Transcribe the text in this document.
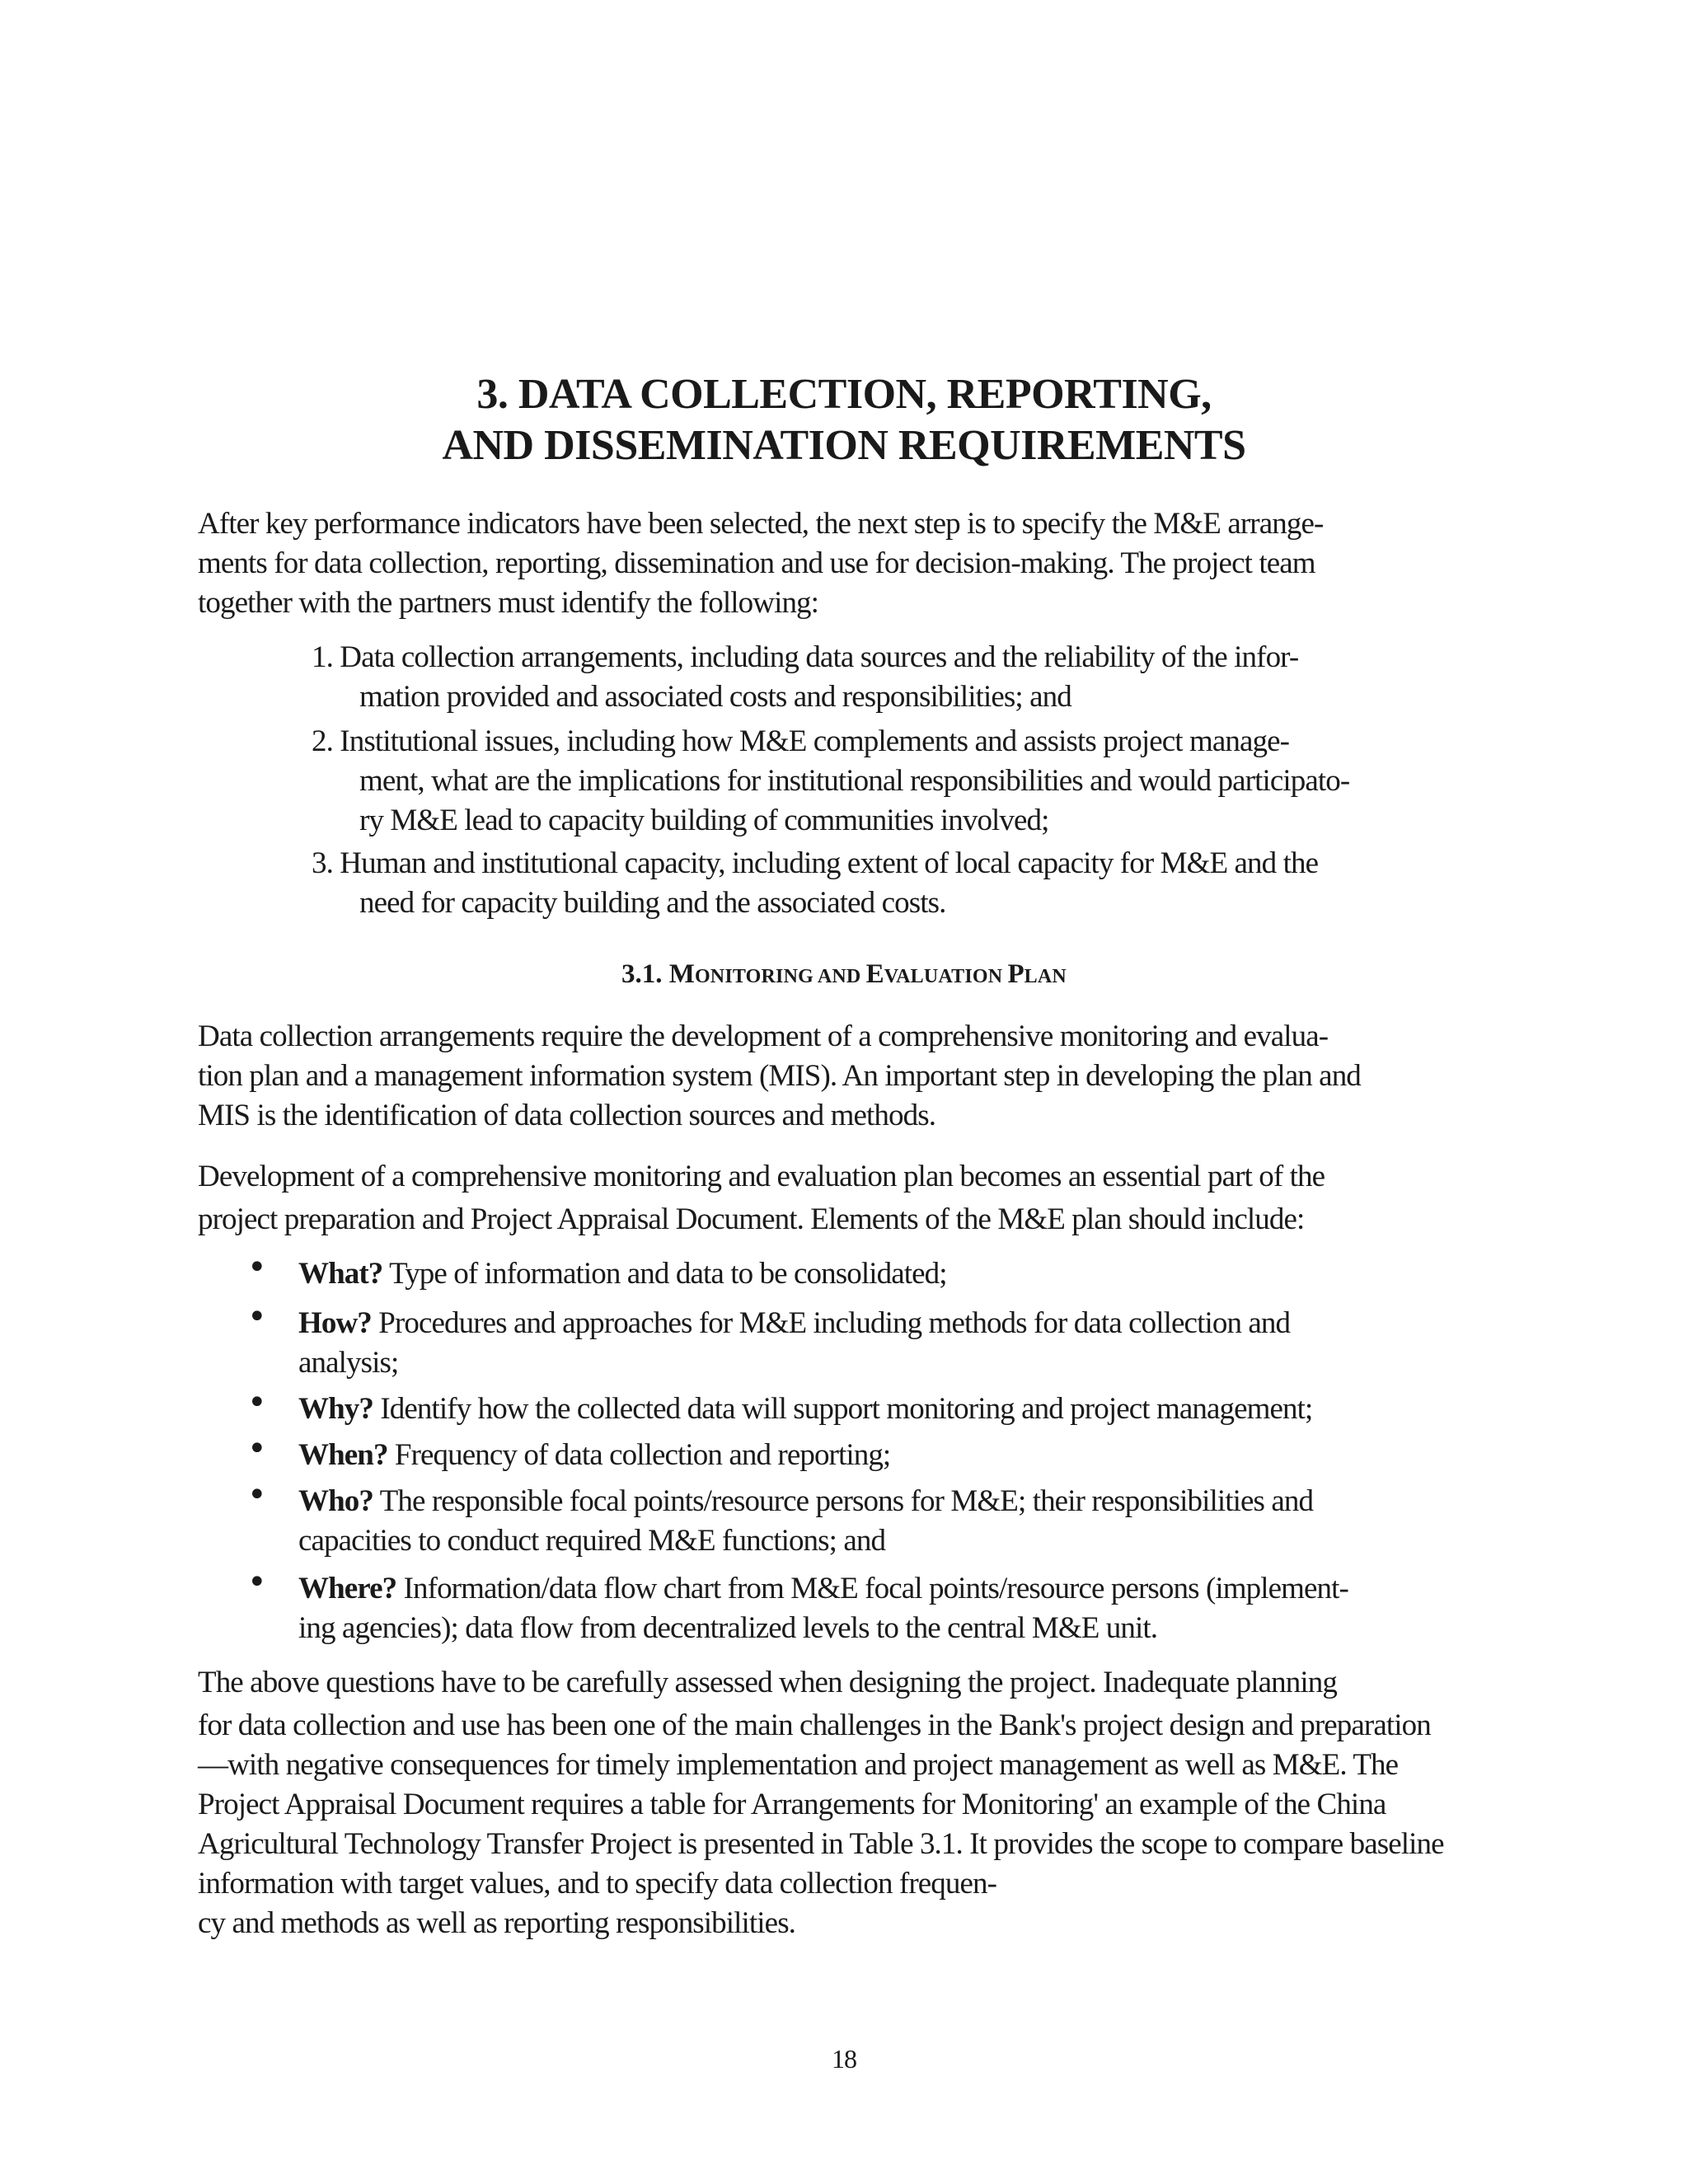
3. DATA COLLECTION, REPORTING,
AND DISSEMINATION REQUIREMENTS
After key performance indicators have been selected, the next step is to specify the M&E arrange-
ments for data collection, reporting, dissemination and use for decision-making. The project team
together with the partners must identify the following:
1. Data collection arrangements, including data sources and the reliability of the infor-
mation provided and associated costs and responsibilities; and
2. Institutional issues, including how M&E complements and assists project manage-
ment, what are the implications for institutional responsibilities and would participato-
ry M&E lead to capacity building of communities involved;
3. Human and institutional capacity, including extent of local capacity for M&E and the
need for capacity building and the associated costs.
3.1. MONITORING AND EVALUATION PLAN
Data collection arrangements require the development of a comprehensive monitoring and evalua-
tion plan and a management information system (MIS). An important step in developing the plan and
MIS is the identification of data collection sources and methods.
Development of a comprehensive monitoring and evaluation plan becomes an essential part of the
project preparation and Project Appraisal Document. Elements of the M&E plan should include:
• What? Type of information and data to be consolidated;
• How? Procedures and approaches for M&E including methods for data collection and
analysis;
• Why? Identify how the collected data will support monitoring and project management;
• When? Frequency of data collection and reporting;
• Who? The responsible focal points/resource persons for M&E; their responsibilities and
capacities to conduct required M&E functions; and
• Where? Information/data flow chart from M&E focal points/resource persons (implement-
ing agencies); data flow from decentralized levels to the central M&E unit.
The above questions have to be carefully assessed when designing the project. Inadequate planning
for data collection and use has been one of the main challenges in the Bank's project design and preparation
—with negative consequences for timely implementation and project management as well as M&E. The
Project Appraisal Document requires a table for Arrangements for Monitoring' an example of the China
Agricultural Technology Transfer Project is presented in Table 3.1. It provides the scope to compare baseline
information with target values, and to specify data collection frequen-
cy and methods as well as reporting responsibilities.
18
